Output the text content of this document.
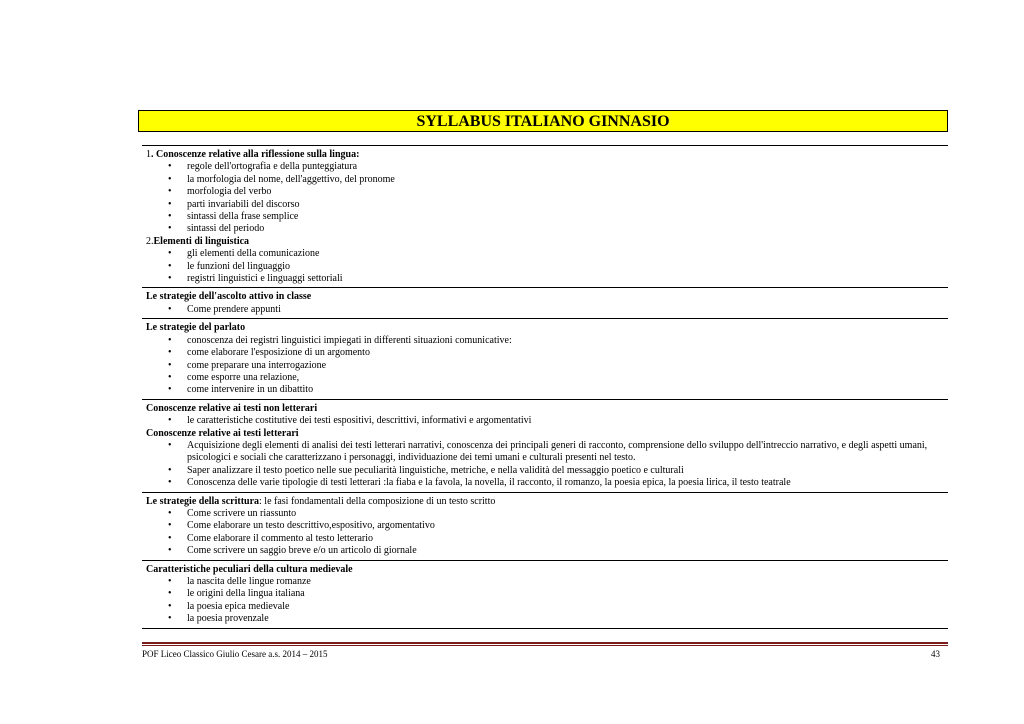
SYLLABUS ITALIANO GINNASIO
1. Conoscenze relative alla riflessione sulla lingua:
• regole dell'ortografia e della punteggiatura
• la morfologia del nome, dell'aggettivo, del pronome
• morfologia del verbo
• parti invariabili del discorso
• sintassi della frase semplice
• sintassi del periodo
2.Elementi di linguistica
• gli elementi della comunicazione
• le funzioni del linguaggio
• registri linguistici e linguaggi settoriali
Le strategie dell'ascolto attivo in classe
• Come prendere appunti
Le strategie del parlato
• conoscenza dei registri linguistici impiegati in differenti situazioni comunicative:
• come elaborare l'esposizione di un argomento
• come preparare una interrogazione
• come esporre una relazione,
• come intervenire in un dibattito
Conoscenze relative ai testi non letterari
• le caratteristiche costitutive dei testi espositivi, descrittivi, informativi e argomentativi
Conoscenze relative ai testi letterari
• Acquisizione degli elementi di analisi dei testi letterari narrativi, conoscenza dei principali generi di racconto, comprensione dello sviluppo dell'intreccio narrativo, e degli aspetti umani, psicologici e sociali che caratterizzano i personaggi, individuazione dei temi umani e culturali presenti nel testo.
• Saper analizzare il testo poetico nelle sue peculiarità linguistiche, metriche, e nella validità del messaggio poetico e culturali
• Conoscenza delle varie tipologie di testi letterari :la fiaba e la favola, la novella, il racconto, il romanzo, la poesia epica, la poesia lirica, il testo teatrale
Le strategie della scrittura: le fasi fondamentali della composizione di un testo scritto
• Come scrivere un riassunto
• Come elaborare un testo descrittivo,espositivo, argomentativo
• Come elaborare il commento al testo letterario
• Come scrivere un saggio breve e/o un articolo di giornale
Caratteristiche peculiari della cultura medievale
• la nascita delle lingue romanze
• le origini della lingua italiana
• la poesia epica medievale
• la poesia provenzale
POF Liceo Classico Giulio Cesare a.s. 2014 – 2015	43
